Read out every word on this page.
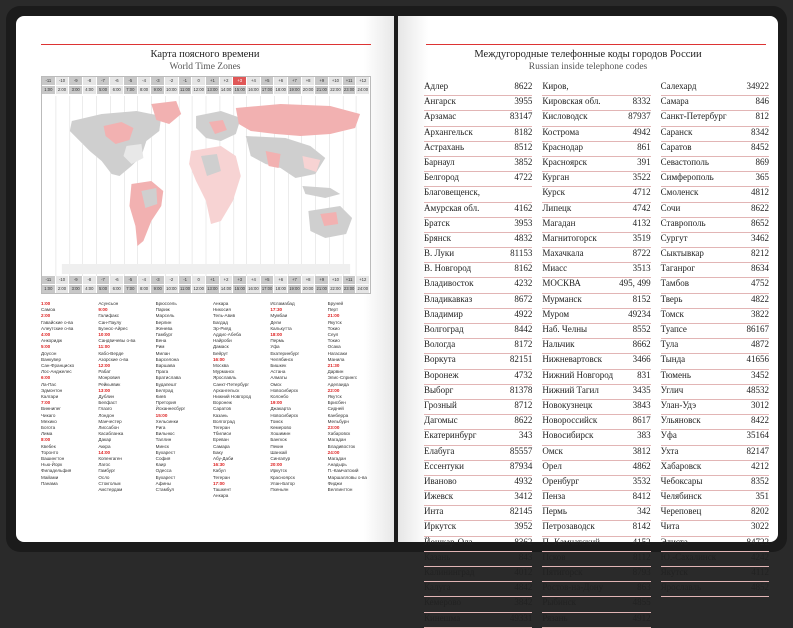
Карта поясного времени
World Time Zones
-11	-10	-9	-8	-7	-6	-5	-4	-3	-2	-1	0	+1	+2	+3	+4	+5	+6	+7	+8	+9	+10	+11	+12
1:00	2:00	3:00	4:00	5:00	6:00	7:00	8:00	9:00	10:00 11:00 12:00 13:00 14:00 15:00 16:00 17:00 18:00 19:00 20:00 21:00 22:00 23:00 24:00
-11	-10	-9	-8	-7	-6	-5	-4	-3	-2	-1	0	+1	+2	+3	+4	+5	+6	+7	+8	+9	+10	+11	+12
1:00	2:00	3:00	4:00	5:00	6:00	7:00	8:00	9:00	10:00 11:00 12:00 13:00 14:00 15:00 16:00 17:00 18:00 19:00 20:00 21:00 22:00 23:00 24:00
1:00
Самоа
2:00
Гавайские о-ва
Алеутские о-ва
4:00
Анкоридж
5:00
Доусон
Ванкувер
Сан-Франциско
Лос-Анджелес
6:00
Ла-Пас
Эдмонтон
Калгари
7:00
Виннипег
Чикаго
Мехико
Богота
Лима
8:00
Квебек
Торонто
Вашингтон
Нью-Йорк
Филадельфия
Майами
Панама
Асунсьон
9:00
Галифакс
Сан-Паулу
Буэнос-Айрес
10:00
Сандвичевы о-ва
11:00
Кабо-Верде
Азорские о-ва
12:00
Рабат
Монровия
Рейкьявик
13:00
Дублин
Белфаст
Глазго
Лондон
Манчестер
Лиссабон
Касабланка
Дакар
Аккра
14:00
Копенгаген
Лагос
Гамбург
Осло
Стокгольм
Амстердам
Брюссель
Париж
Марсель
Берлин
Женева
Гамбург
Вена
Рим
Милан
Барселона
Варшава
Прага
Братислава
Будапешт
Белград
Киев
Претория
Йоханнесбург
15:00
Хельсинки
Рига
Вильнюс
Таллин
Минск
Бухарест
София
Каир
Одесса
Бухарест
Афины
Стамбул
Анкара
Никосия
Тель-Авив
Багдад
Эр-Рияд
Аддис-Абеба
Найроби
Дамаск
Бейрут
16:00
Москва
Мурманск
Ярославль
Санкт-Петербург
Архангельск
Нижний Новгород
Воронеж
Саратов
Казань
Волгоград
Тегеран
Тбилиси
Ереван
Самара
Баку
Абу-Даби
16:30
Кабул
Тегеран
17:00
Ташкент
Анкара
Исламабад
17:30
Мумбаи
Дели
Калькутта
18:00
Пермь
Уфа
Екатеринбург
Челябинск
Бишкек
Астана
Алматы
Омск
Новосибирск
Колонбо
19:00
Джакарта
Новосибирск
Томск
Кемерово
Хошимин
Бангкок
Пекин
Шанхай
Сингапур
20:00
Иркутск
Красноярск
Улан-Батор
Пхеньян
Бруней
Перт
21:00
Якутск
Токио
Сеул
Токио
Осака
Нагасаки
Манила
21:30
Дарвин
Элис-Спрингс
Аделаида
22:00
Якутск
Брисбен
Сидней
Канберра
Мельбурн
23:00
Хабаровск
Магадан
Владивосток
24:00
Магадан
Анадырь
П.-Камчатский
Маршалловы о-ва
Фиджи
Веллингтон
Междугородные телефонные коды городов России
Russian inside telephone codes
Адлер	8622
Ангарск	3955
Арзамас	83147
Архангельск	8182
Астрахань	8512
Барнаул	3852
Белгород	4722
Благовещенск,
Амурская обл.	4162
Братск	3953
Брянск	4832
В. Луки	81153
В. Новгород	8162
Владивосток	4232
Владикавказ	8672
Владимир	4922
Волгоград	8442
Вологда	8172
Воркута	82151
Воронеж	4732
Выборг	81378
Грозный	8712
Дагомыс	8622
Екатеринбург	343
Елабуга	85557
Ессентуки	87934
Иваново	4932
Ижевск	3412
Инта	82145
Иркутск	3952
Йошкар-Ола	8362
Казань	843
Калининград	4012
Калуга	4842
Кемерово	3842
Кинешма	49331
Киров,
Кировская обл.	8332
Кисловодск	87937
Кострома	4942
Краснодар	861
Красноярск	391
Курган	3522
Курск	4712
Липецк	4742
Магадан	4132
Магнитогорск	3519
Махачкала	8722
Миасс	3513
МОСКВА	495, 499
Мурманск	8152
Муром	49234
Наб. Челны	8552
Нальчик	8662
Нижневартовск	3466
Нижний Новгород	831
Нижний Тагил	3435
Новокузнецк	3843
Новороссийск	8617
Новосибирск	383
Омск	3812
Орел	4862
Оренбург	3532
Пенза	8412
Пермь	342
Петрозаводск	8142
П.-Камчатский	4152
Псков	8112
Пятигорск	8793
Ростов-на-Дону	863
Рыбинск	4855
Рязань	4912
Салехард	34922
Самара	846
Санкт-Петербург	812
Саранск	8342
Саратов	8452
Севастополь	869
Симферополь	365
Смоленск	4812
Сочи	8622
Ставрополь	8652
Сургут	3462
Сыктывкар	8212
Таганрог	8634
Тамбов	4752
Тверь	4822
Томск	3822
Туапсе	86167
Тула	4872
Тында	41656
Тюмень	3452
Углич	48532
Улан-Удэ	3012
Ульяновск	8422
Уфа	35164
Ухта	82147
Хабаровск	4212
Чебоксары	8352
Челябинск	351
Череповец	8202
Чита	3022
Элиста	84722
Ю.-Сахалинск	4242
Якутск	4112
Ярославль	4852
